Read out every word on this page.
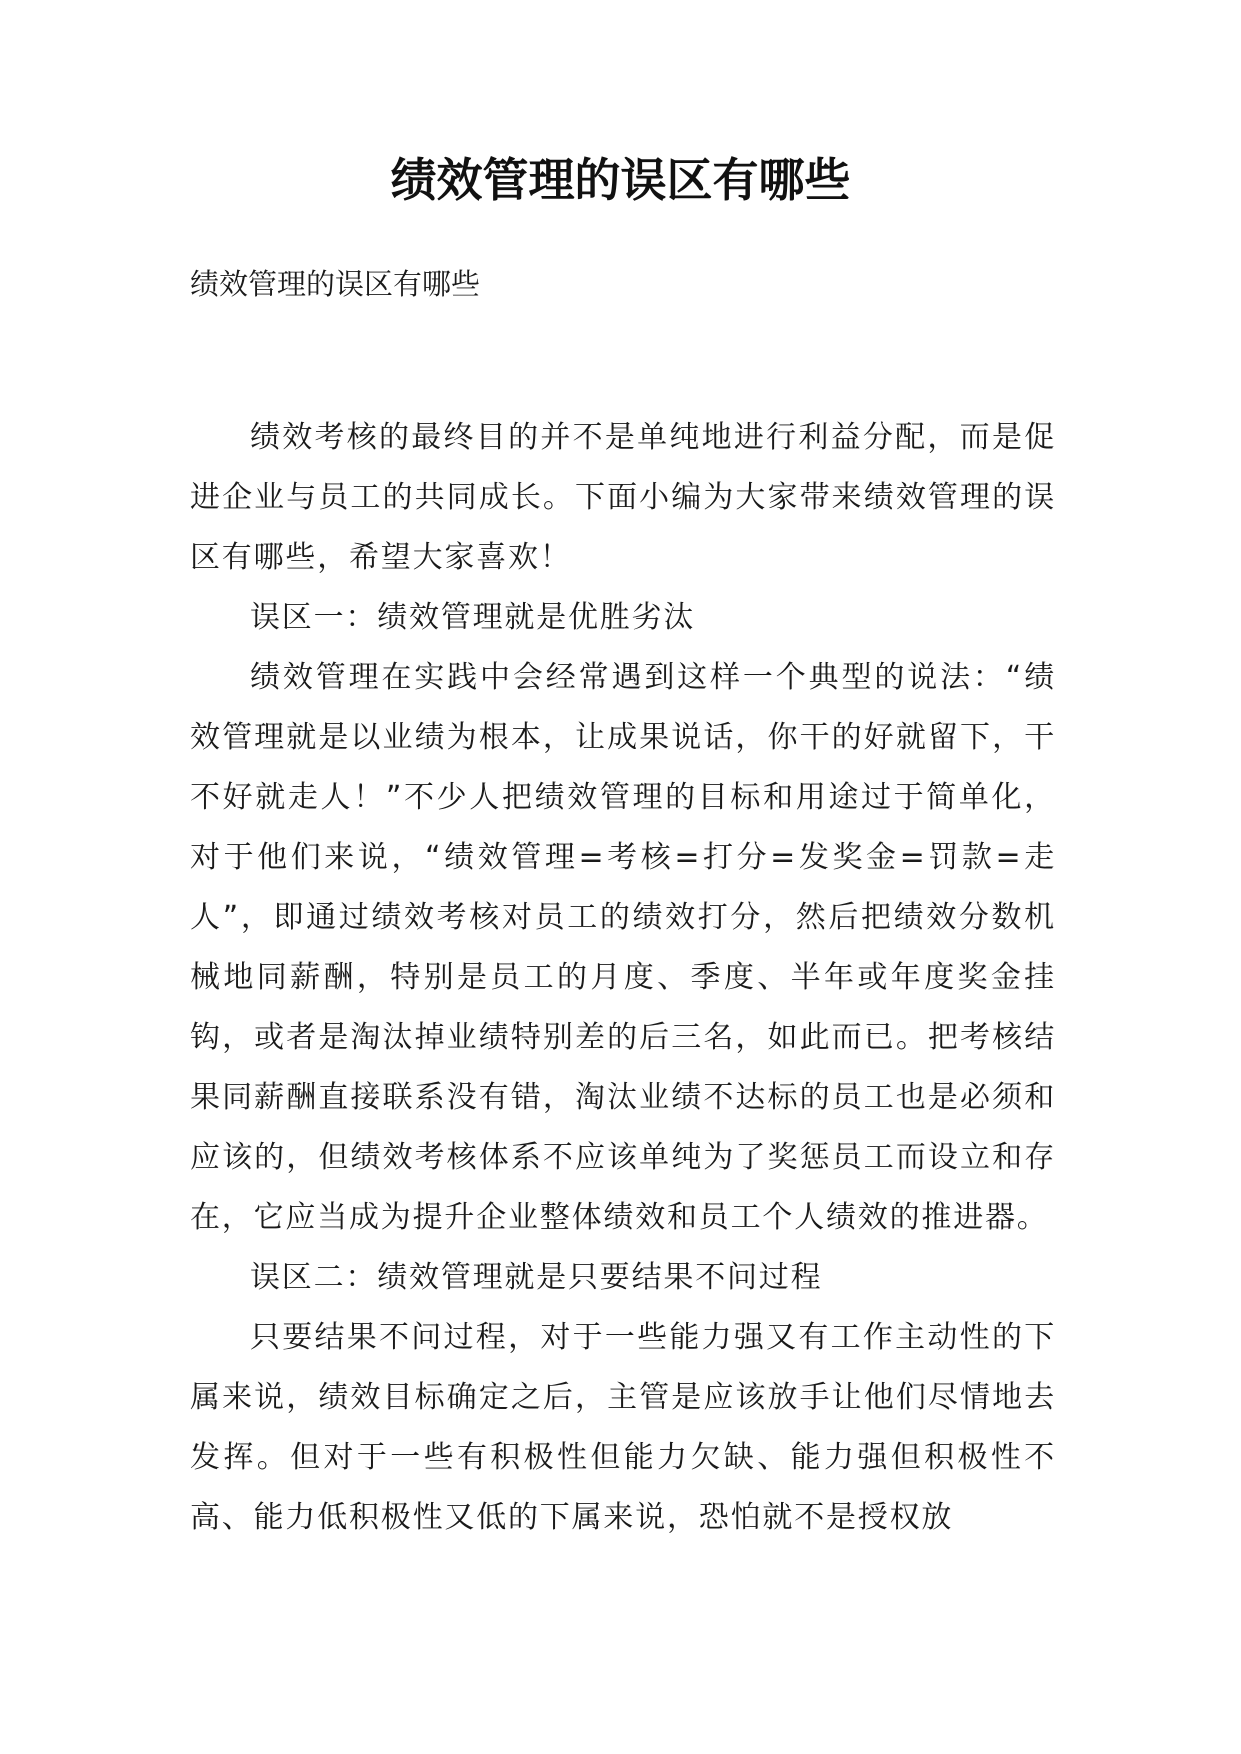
绩效管理的误区有哪些

绩效管理的误区有哪些

绩效考核的最终目的并不是单纯地进行利益分配，而是促进企业与员工的共同成长。下面小编为大家带来绩效管理的误区有哪些，希望大家喜欢！

误区一：绩效管理就是优胜劣汰

绩效管理在实践中会经常遇到这样一个典型的说法：“绩效管理就是以业绩为根本，让成果说话，你干的好就留下，干不好就走人！”不少人把绩效管理的目标和用途过于简单化，对于他们来说，“绩效管理=考核=打分=发奖金=罚款=走人”，即通过绩效考核对员工的绩效打分，然后把绩效分数机械地同薪酬，特别是员工的月度、季度、半年或年度奖金挂钩，或者是淘汰掉业绩特别差的后三名，如此而已。把考核结果同薪酬直接联系没有错，淘汰业绩不达标的员工也是必须和应该的，但绩效考核体系不应该单纯为了奖惩员工而设立和存在，它应当成为提升企业整体绩效和员工个人绩效的推进器。

误区二：绩效管理就是只要结果不问过程

只要结果不问过程，对于一些能力强又有工作主动性的下属来说，绩效目标确定之后，主管是应该放手让他们尽情地去发挥。但对于一些有积极性但能力欠缺、能力强但积极性不高、能力低积极性又低的下属来说，恐怕就不是授权放
